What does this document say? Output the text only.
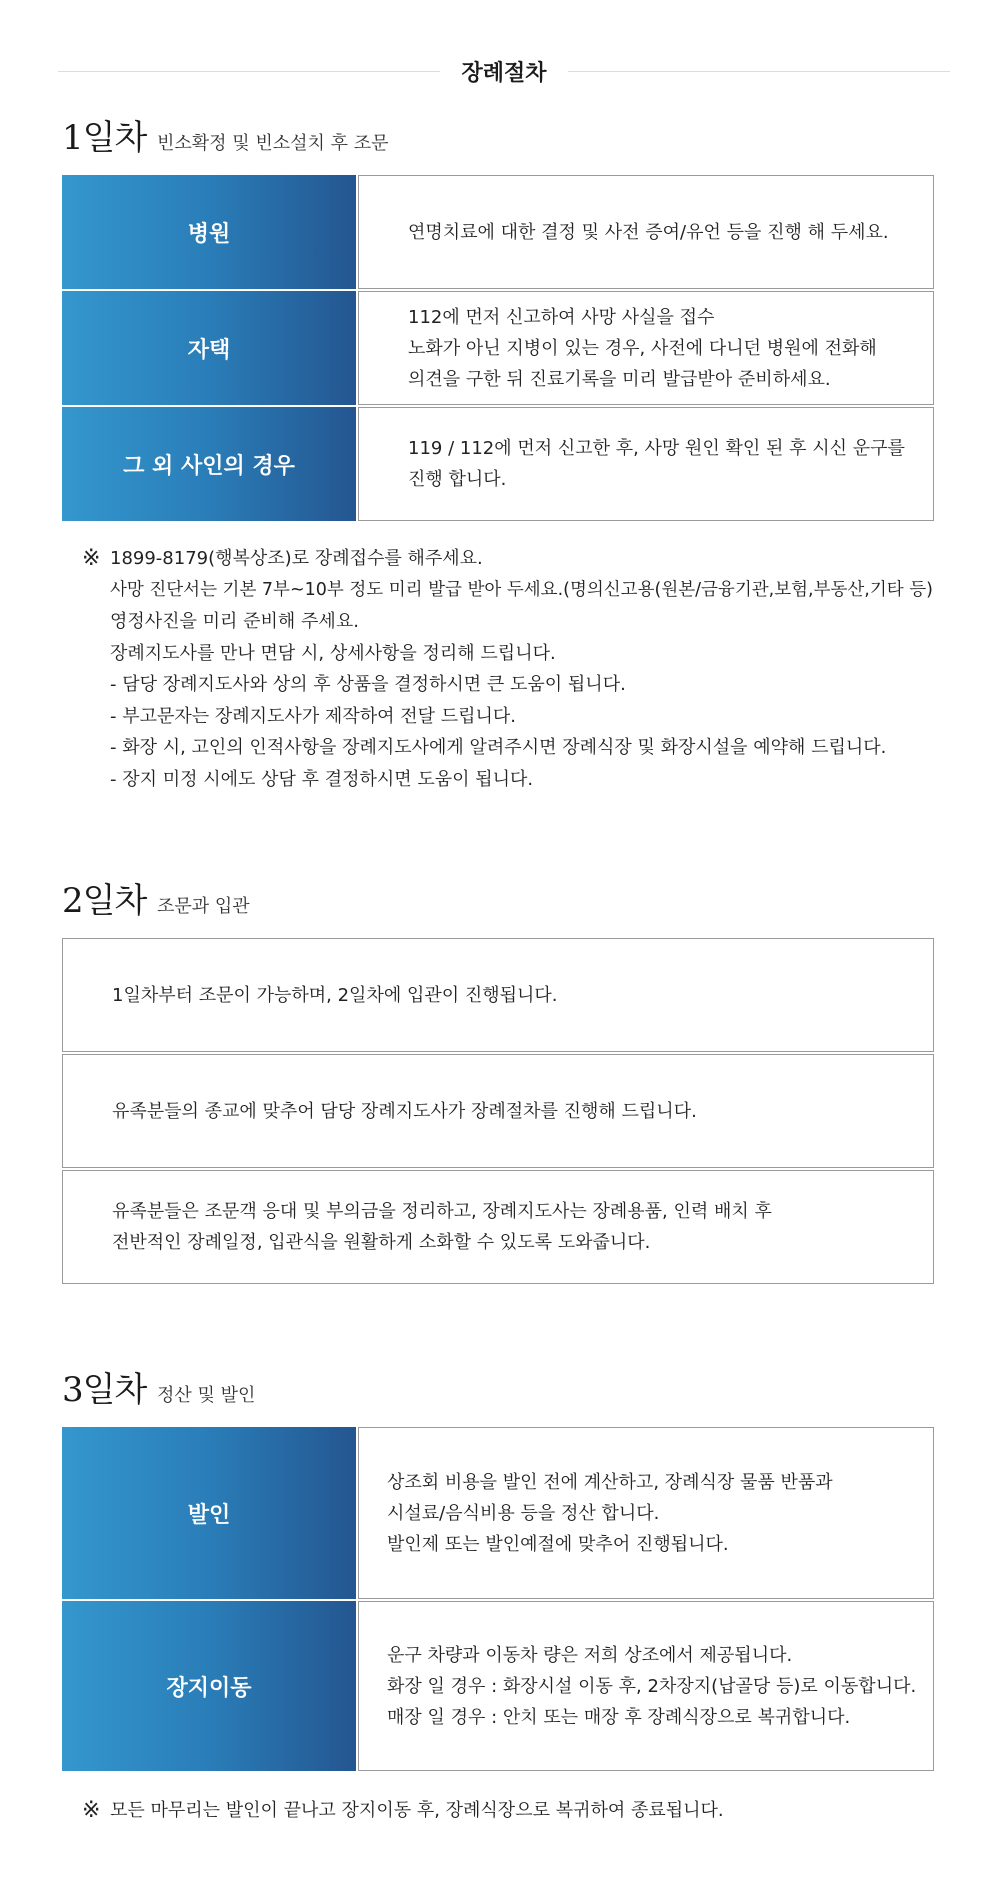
장례절차
1일차 빈소확정 및 빈소설치 후 조문
병원	연명치료에 대한 결정 및 사전 증여/유언 등을 진행 해 두세요.
자택
112에 먼저 신고하여 사망 사실을 접수
노화가 아닌 지병이 있는 경우, 사전에 다니던 병원에 전화해
의견을 구한 뒤 진료기록을 미리 발급받아 준비하세요.
그 외 사인의 경우
119 / 112에 먼저 신고한 후, 사망 원인 확인 된 후 시신 운구를
진행 합니다.
※ 1899-8179(행복상조)로 장례접수를 해주세요.
사망 진단서는 기본 7부~10부 정도 미리 발급 받아 두세요.(명의신고용(원본/금융기관,보험,부동산,기타 등)
영정사진을 미리 준비해 주세요.
장례지도사를 만나 면담 시, 상세사항을 정리해 드립니다.
- 담당 장례지도사와 상의 후 상품을 결정하시면 큰 도움이 됩니다.
- 부고문자는 장례지도사가 제작하여 전달 드립니다.
- 화장 시, 고인의 인적사항을 장례지도사에게 알려주시면 장례식장 및 화장시설을 예약해 드립니다.
- 장지 미정 시에도 상담 후 결정하시면 도움이 됩니다.
2일차 조문과 입관
1일차부터 조문이 가능하며, 2일차에 입관이 진행됩니다.
유족분들의 종교에 맞추어 담당 장례지도사가 장례절차를 진행해 드립니다.
유족분들은 조문객 응대 및 부의금을 정리하고, 장례지도사는 장례용품, 인력 배치 후
전반적인 장례일정, 입관식을 원활하게 소화할 수 있도록 도와줍니다.
3일차 정산 및 발인
발인
상조회 비용을 발인 전에 계산하고, 장례식장 물품 반품과
시설료/음식비용 등을 정산 합니다.
발인제 또는 발인예절에 맞추어 진행됩니다.
장지이동
운구 차량과 이동차 량은 저희 상조에서 제공됩니다.
화장 일 경우 : 화장시설 이동 후, 2차장지(납골당 등)로 이동합니다.
매장 일 경우 : 안치 또는 매장 후 장례식장으로 복귀합니다.
※ 모든 마무리는 발인이 끝나고 장지이동 후, 장례식장으로 복귀하여 종료됩니다.
